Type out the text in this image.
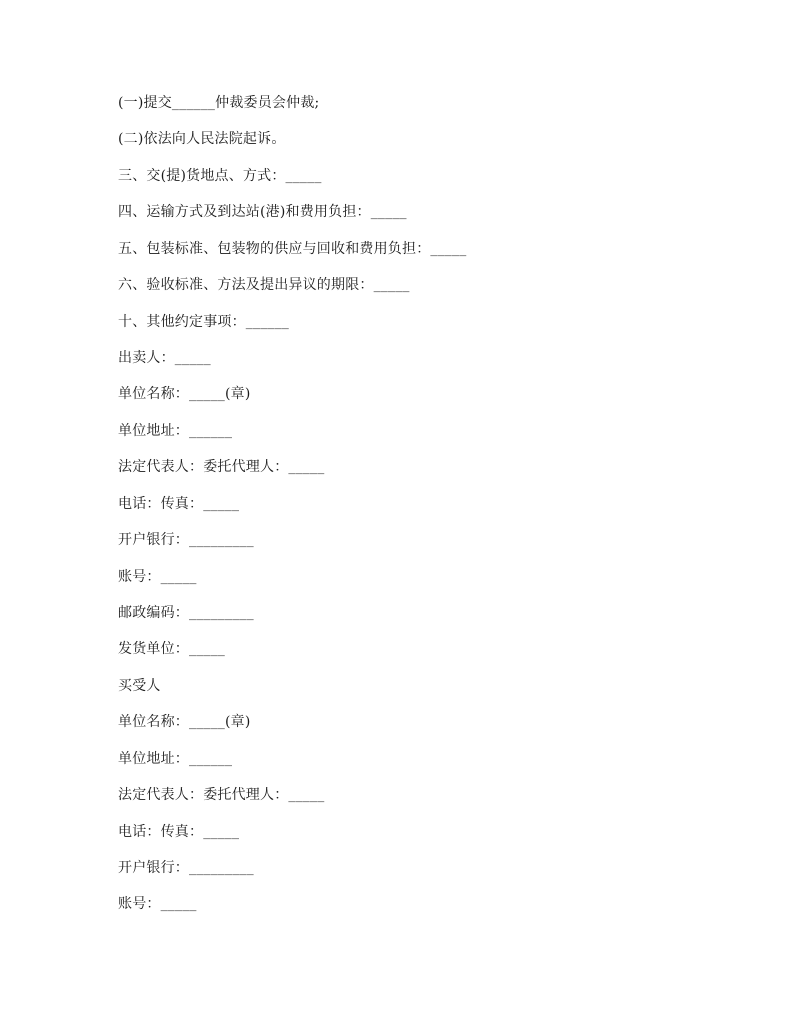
(一)提交______仲裁委员会仲裁;
(二)依法向人民法院起诉。
三、交(提)货地点、方式：_____
四、运输方式及到达站(港)和费用负担：_____
五、包装标准、包装物的供应与回收和费用负担：_____
六、验收标准、方法及提出异议的期限：_____
十、其他约定事项：______
出卖人：_____
单位名称：_____(章)
单位地址：______
法定代表人：委托代理人：_____
电话：传真：_____
开户银行：_________
账号：_____
邮政编码：_________
发货单位：_____
买受人
单位名称：_____(章)
单位地址：______
法定代表人：委托代理人：_____
电话：传真：_____
开户银行：_________
账号：_____
